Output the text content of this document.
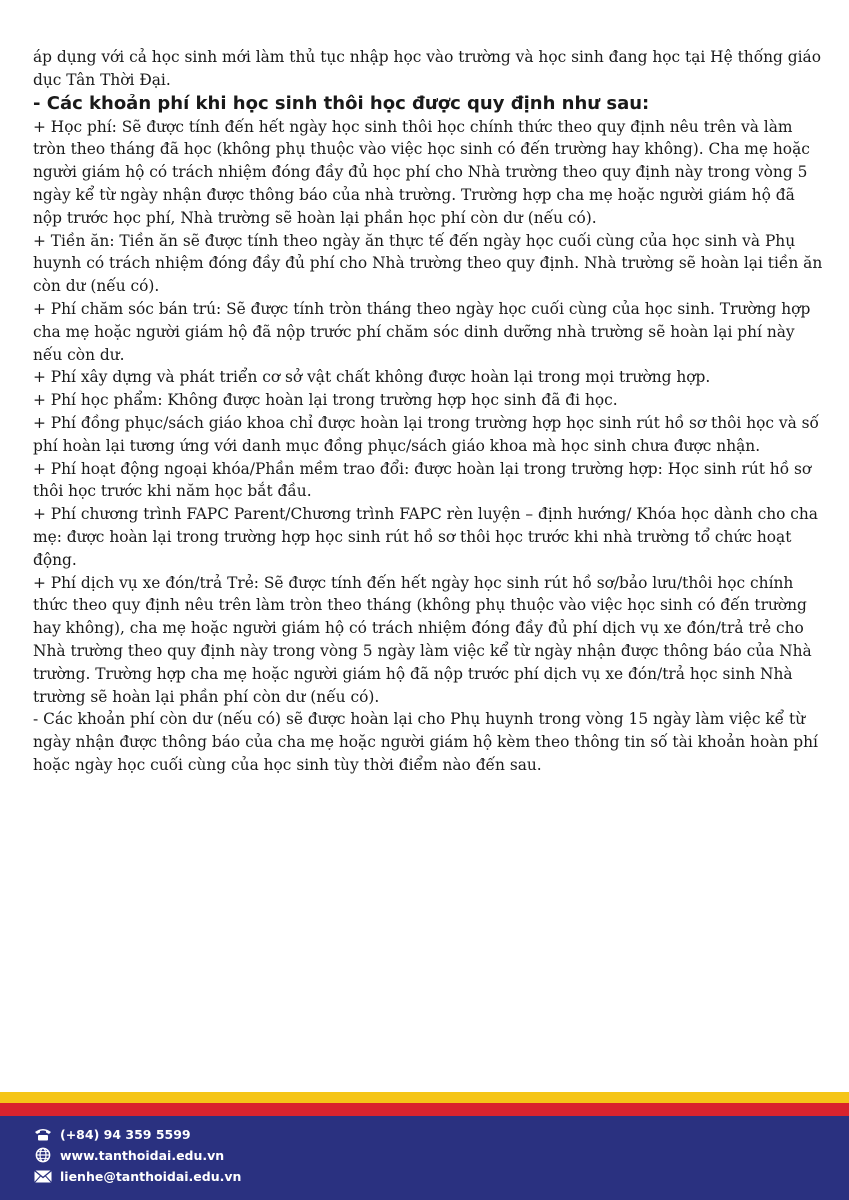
áp dụng với cả học sinh mới làm thủ tục nhập học vào trường và học sinh đang học tại Hệ thống giáo dục Tân Thời Đại.

- Các khoản phí khi học sinh thôi học được quy định như sau:

+ Học phí: Sẽ được tính đến hết ngày học sinh thôi học chính thức theo quy định nêu trên và làm tròn theo tháng đã học (không phụ thuộc vào việc học sinh có đến trường hay không). Cha mẹ hoặc người giám hộ có trách nhiệm đóng đầy đủ học phí cho Nhà trường theo quy định này trong vòng 5 ngày kể từ ngày nhận được thông báo của nhà trường. Trường hợp cha mẹ hoặc người giám hộ đã nộp trước học phí, Nhà trường sẽ hoàn lại phần học phí còn dư (nếu có).

+ Tiền ăn: Tiền ăn sẽ được tính theo ngày ăn thực tế đến ngày học cuối cùng của học sinh và Phụ huynh có trách nhiệm đóng đầy đủ phí cho Nhà trường theo quy định. Nhà trường sẽ hoàn lại tiền ăn còn dư (nếu có).

+ Phí chăm sóc bán trú: Sẽ được tính tròn tháng theo ngày học cuối cùng của học sinh. Trường hợp cha mẹ hoặc người giám hộ đã nộp trước phí chăm sóc dinh dưỡng nhà trường sẽ hoàn lại phí này nếu còn dư.

+ Phí xây dựng và phát triển cơ sở vật chất không được hoàn lại trong mọi trường hợp.

+ Phí học phẩm: Không được hoàn lại trong trường hợp học sinh đã đi học.

+ Phí đồng phục/sách giáo khoa chỉ được hoàn lại trong trường hợp học sinh rút hồ sơ thôi học và số phí hoàn lại tương ứng với danh mục đồng phục/sách giáo khoa mà học sinh chưa được nhận.

+ Phí hoạt động ngoại khóa/Phần mềm trao đổi: được hoàn lại trong trường hợp: Học sinh rút hồ sơ thôi học trước khi năm học bắt đầu.

+ Phí chương trình FAPC Parent/Chương trình FAPC rèn luyện – định hướng/ Khóa học dành cho cha mẹ: được hoàn lại trong trường hợp học sinh rút hồ sơ thôi học trước khi nhà trường tổ chức hoạt động.

+ Phí dịch vụ xe đón/trả Trẻ: Sẽ được tính đến hết ngày học sinh rút hồ sơ/bảo lưu/thôi học chính thức theo quy định nêu trên làm tròn theo tháng (không phụ thuộc vào việc học sinh có đến trường hay không), cha mẹ hoặc người giám hộ có trách nhiệm đóng đầy đủ phí dịch vụ xe đón/trả trẻ cho Nhà trường theo quy định này trong vòng 5 ngày làm việc kể từ ngày nhận được thông báo của Nhà trường. Trường hợp cha mẹ hoặc người giám hộ đã nộp trước phí dịch vụ xe đón/trả học sinh Nhà trường sẽ hoàn lại phần phí còn dư (nếu có).

- Các khoản phí còn dư (nếu có) sẽ được hoàn lại cho Phụ huynh trong vòng 15 ngày làm việc kể từ ngày nhận được thông báo của cha mẹ hoặc người giám hộ kèm theo thông tin số tài khoản hoàn phí hoặc ngày học cuối cùng của học sinh tùy thời điểm nào đến sau.

(+84) 94 359 5599
www.tanthoidai.edu.vn
lienhe@tanthoidai.edu.vn
